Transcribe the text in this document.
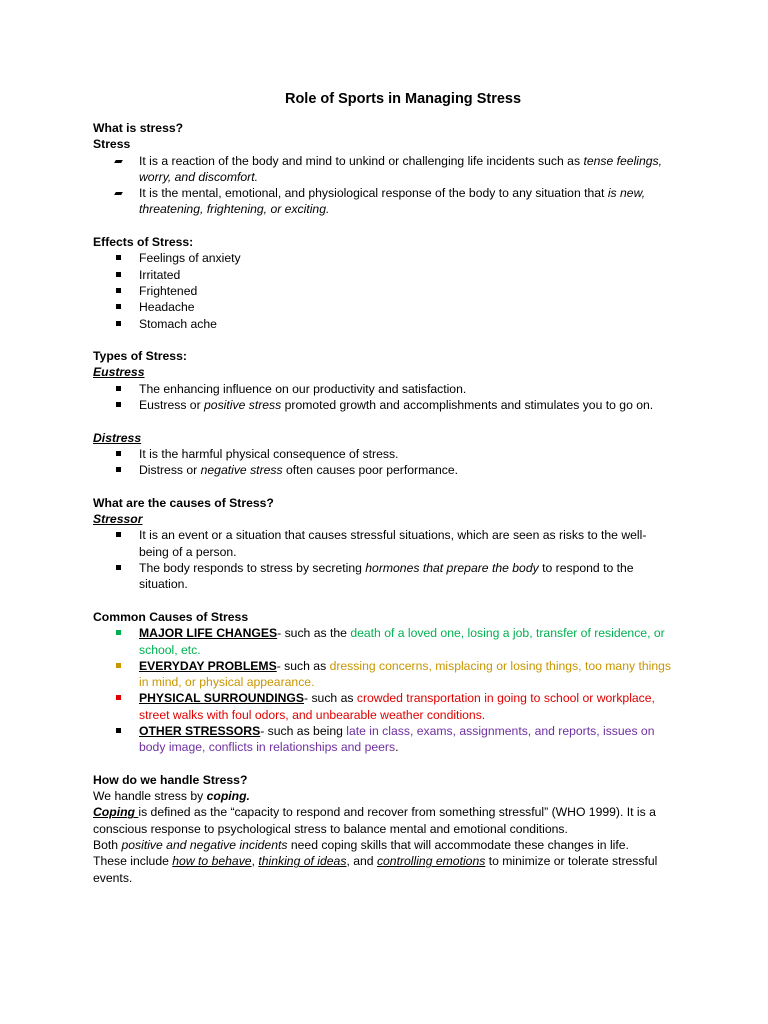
Role of Sports in Managing Stress

What is stress?

Stress

It is a reaction of the body and mind to unkind or challenging life incidents such as tense feelings, worry, and discomfort.
It is the mental, emotional, and physiological response of the body to any situation that is new, threatening, frightening, or exciting.

Effects of Stress:

Feelings of anxiety
Irritated
Frightened
Headache
Stomach ache

Types of Stress:

Eustress

The enhancing influence on our productivity and satisfaction.
Eustress or positive stress promoted growth and accomplishments and stimulates you to go on.

Distress

It is the harmful physical consequence of stress.
Distress or negative stress often causes poor performance.

What are the causes of Stress?

Stressor

It is an event or a situation that causes stressful situations, which are seen as risks to the well-being of a person.
The body responds to stress by secreting hormones that prepare the body to respond to the situation.

Common Causes of Stress

MAJOR LIFE CHANGES- such as the death of a loved one, losing a job, transfer of residence, or school, etc.
EVERYDAY PROBLEMS- such as dressing concerns, misplacing or losing things, too many things in mind, or physical appearance.
PHYSICAL SURROUNDINGS- such as crowded transportation in going to school or workplace, street walks with foul odors, and unbearable weather conditions.
OTHER STRESSORS- such as being late in class, exams, assignments, and reports, issues on body image, conflicts in relationships and peers.

How do we handle Stress?

We handle stress by coping.

Coping is defined as the “capacity to respond and recover from something stressful” (WHO 1999). It is a conscious response to psychological stress to balance mental and emotional conditions.

Both positive and negative incidents need coping skills that will accommodate these changes in life.

These include how to behave, thinking of ideas, and controlling emotions to minimize or tolerate stressful events.
